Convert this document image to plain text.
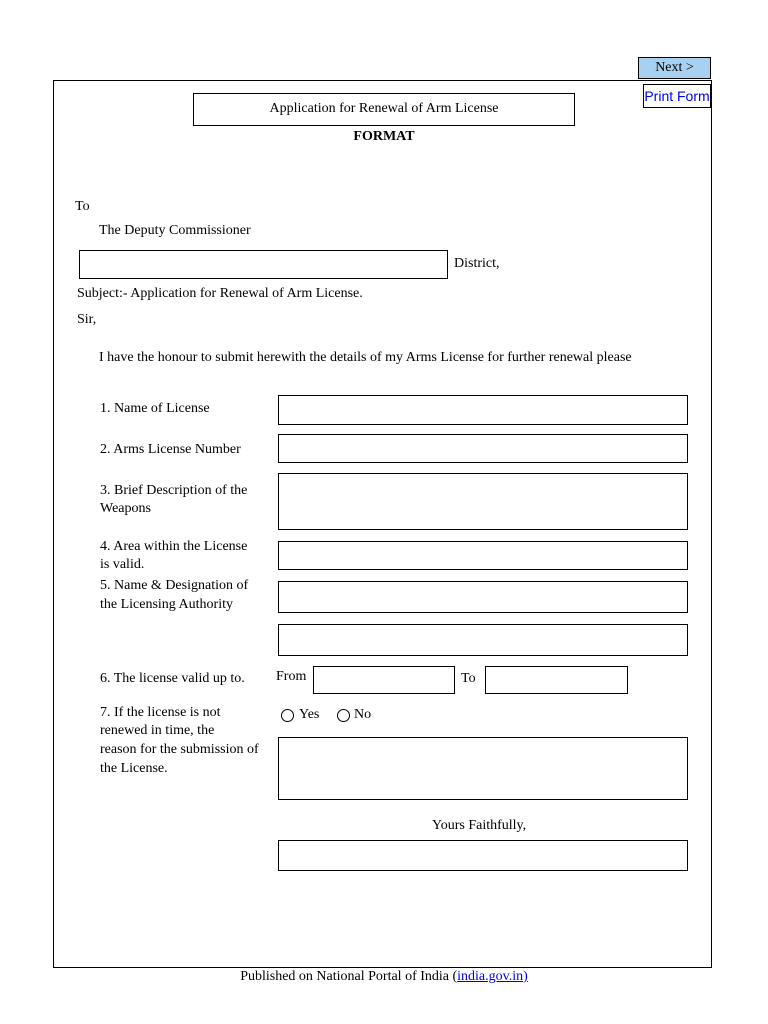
Next >
Print Form
Application for Renewal of Arm License
FORMAT
To
The Deputy Commissioner
District,
Subject:- Application for Renewal of Arm License.
Sir,
I have the honour to submit herewith the details of my Arms License for further renewal please
1. Name of License
2. Arms License Number
3. Brief Description of the
Weapons
4. Area within the License
is valid.
5. Name & Designation of
the Licensing Authority
6. The license valid up to. From	To
7. If the license is not
renewed in time, the
reason for the submission of
the License.
Yes No
Yours Faithfully,
Published on National Portal of India (india.gov.in)
